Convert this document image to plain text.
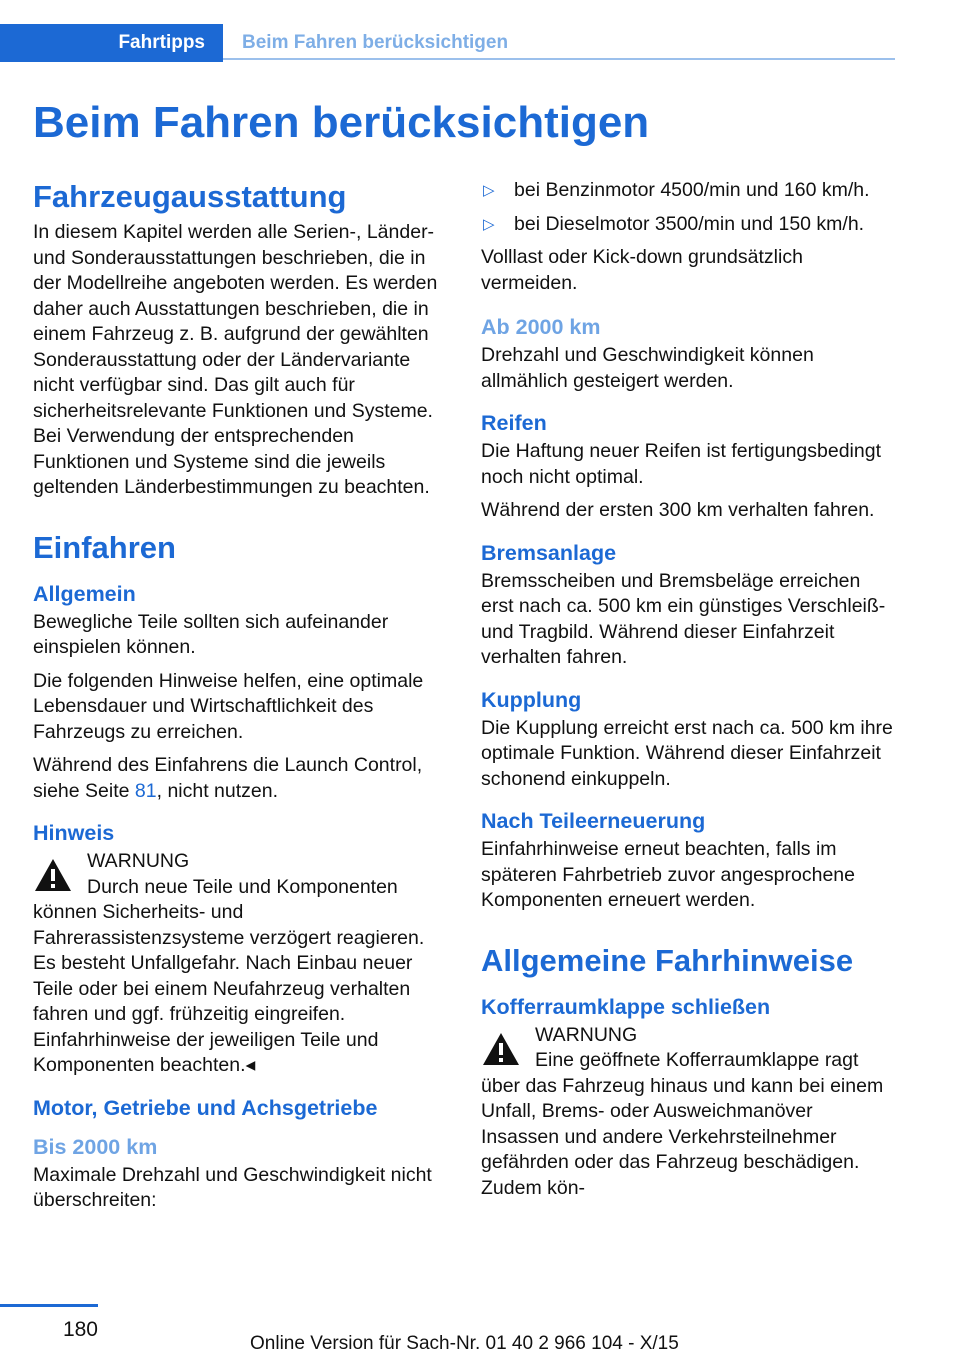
Fahrtipps	Beim Fahren berücksichtigen
Beim Fahren berücksichtigen
Fahrzeugausstattung

In diesem Kapitel werden alle Serien-, Länder- und Sonderausstattungen beschrieben, die in der Modellreihe angeboten werden. Es werden daher auch Ausstattungen beschrieben, die in einem Fahrzeug z. B. aufgrund der gewählten Sonderausstattung oder der Ländervariante nicht verfügbar sind. Das gilt auch für sicherheitsrelevante Funktionen und Systeme. Bei Verwendung der entsprechenden Funktionen und Systeme sind die jeweils geltenden Länderbestimmungen zu beachten.

Einfahren
Allgemein

Bewegliche Teile sollten sich aufeinander einspielen können.

Die folgenden Hinweise helfen, eine optimale Lebensdauer und Wirtschaftlichkeit des Fahrzeugs zu erreichen.

Während des Einfahrens die Launch Control, siehe Seite 81, nicht nutzen.

Hinweis
WARNUNG
Durch neue Teile und Komponenten können Sicherheits- und Fahrerassistenzsysteme verzögert reagieren. Es besteht Unfallgefahr. Nach Einbau neuer Teile oder bei einem Neufahrzeug verhalten fahren und ggf. frühzeitig eingreifen. Einfahrhinweise der jeweiligen Teile und Komponenten beachten.◂
Motor, Getriebe und Achsgetriebe
Bis 2000 km

Maximale Drehzahl und Geschwindigkeit nicht überschreiten:

▷ bei Benzinmotor 4500/min und 160 km/h.
▷ bei Dieselmotor 3500/min und 150 km/h.

Volllast oder Kick-down grundsätzlich vermeiden.

Ab 2000 km

Drehzahl und Geschwindigkeit können allmählich gesteigert werden.

Reifen

Die Haftung neuer Reifen ist fertigungsbedingt noch nicht optimal.

Während der ersten 300 km verhalten fahren.

Bremsanlage

Bremsscheiben und Bremsbeläge erreichen erst nach ca. 500 km ein günstiges Verschleiß- und Tragbild. Während dieser Einfahrzeit verhalten fahren.

Kupplung

Die Kupplung erreicht erst nach ca. 500 km ihre optimale Funktion. Während dieser Einfahrzeit schonend einkuppeln.

Nach Teileerneuerung

Einfahrhinweise erneut beachten, falls im späteren Fahrbetrieb zuvor angesprochene Komponenten erneuert werden.

Allgemeine Fahrhinweise
Kofferraumklappe schließen
WARNUNG
Eine geöffnete Kofferraumklappe ragt über das Fahrzeug hinaus und kann bei einem Unfall, Brems- oder Ausweichmanöver Insassen und andere Verkehrsteilnehmer gefährden oder das Fahrzeug beschädigen. Zudem kön-
180
Online Version für Sach-Nr. 01 40 2 966 104 - X/15
